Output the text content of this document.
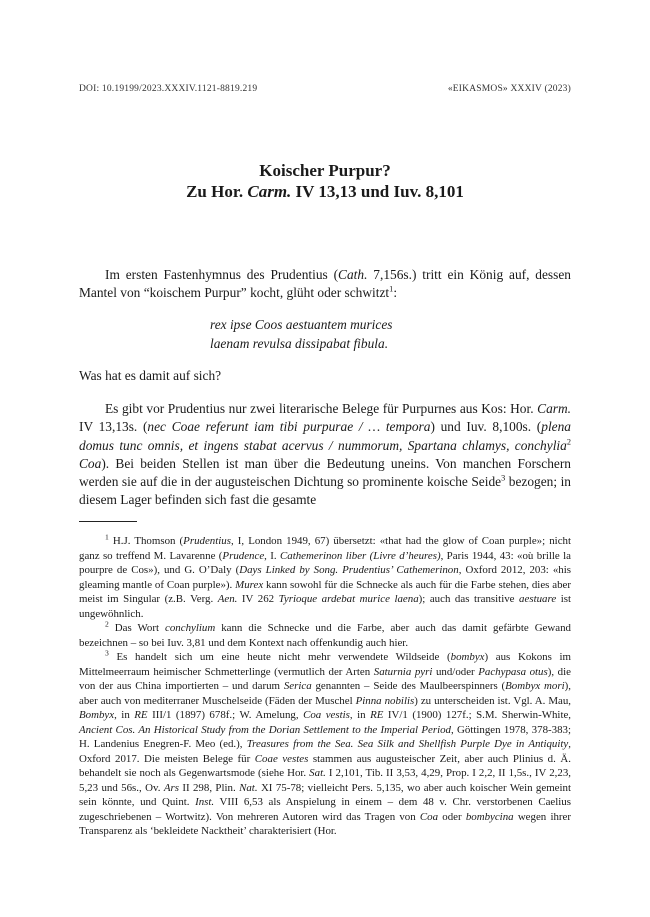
DOI: 10.19199/2023.XXXIV.1121-8819.219	«EIKASMOS» XXXIV (2023)
Koischer Purpur?
Zu Hor. Carm. IV 13,13 und Iuv. 8,101

Im ersten Fastenhymnus des Prudentius (Cath. 7,156s.) tritt ein König auf, dessen Mantel von “koischem Purpur” kocht, glüht oder schwitzt$^1$:

rex ipse Coos aestuantem murices
laenam revulsa dissipabat fibula.

Was hat es damit auf sich?

Es gibt vor Prudentius nur zwei literarische Belege für Purpurnes aus Kos: Hor. Carm. IV 13,13s. (nec Coae referunt iam tibi purpurae / … tempora) und Iuv. 8,100s. (plena domus tunc omnis, et ingens stabat acervus / nummorum, Spartana chlamys, conchylia$^2$ Coa). Bei beiden Stellen ist man über die Bedeutung uneins. Von manchen Forschern werden sie auf die in der augusteischen Dichtung so prominente koische Seide$^3$ bezogen; in diesem Lager befinden sich fast die gesamte

$^1$ H.J. Thomson (Prudentius, I, London 1949, 67) übersetzt: «that had the glow of Coan purple»; nicht ganz so treffend M. Lavarenne (Prudence, I. Cathemerinon liber (Livre d’heures), Paris 1944, 43: «où brille la pourpre de Cos»), und G. O’Daly (Days Linked by Song. Prudentius’ Cathemerinon, Oxford 2012, 203: «his gleaming mantle of Coan purple»). Murex kann sowohl für die Schnecke als auch für die Farbe stehen, dies aber meist im Singular (z.B. Verg. Aen. IV 262 Tyrioque ardebat murice laena); auch das transitive aestuare ist ungewöhnlich.

$^2$ Das Wort conchylium kann die Schnecke und die Farbe, aber auch das damit gefärbte Gewand bezeichnen – so bei Iuv. 3,81 und dem Kontext nach offenkundig auch hier.

$^3$ Es handelt sich um eine heute nicht mehr verwendete Wildseide (bombyx) aus Kokons im Mittelmeerraum heimischer Schmetterlinge (vermutlich der Arten Saturnia pyri und/oder Pachypasa otus), die von der aus China importierten – und darum Serica genannten – Seide des Maulbeerspinners (Bombyx mori), aber auch von mediterraner Muschelseide (Fäden der Muschel Pinna nobilis) zu unterscheiden ist. Vgl. A. Mau, Bombyx, in RE III/1 (1897) 678f.; W. Amelung, Coa vestis, in RE IV/1 (1900) 127f.; S.M. Sherwin-White, Ancient Cos. An Historical Study from the Dorian Settlement to the Imperial Period, Göttingen 1978, 378-383; H. Landenius Enegren-F. Meo (ed.), Treasures from the Sea. Sea Silk and Shellfish Purple Dye in Antiquity, Oxford 2017. Die meisten Belege für Coae vestes stammen aus augusteischer Zeit, aber auch Plinius d. Ä. behandelt sie noch als Gegenwartsmode (siehe Hor. Sat. I 2,101, Tib. II 3,53, 4,29, Prop. I 2,2, II 1,5s., IV 2,23, 5,23 und 56s., Ov. Ars II 298, Plin. Nat. XI 75-78; vielleicht Pers. 5,135, wo aber auch koischer Wein gemeint sein könnte, und Quint. Inst. VIII 6,53 als Anspielung in einem – dem 48 v. Chr. verstorbenen Caelius zugeschriebenen – Wortwitz). Von mehreren Autoren wird das Tragen von Coa oder bombycina wegen ihrer Transparenz als ‘bekleidete Nacktheit’ charakterisiert (Hor.
